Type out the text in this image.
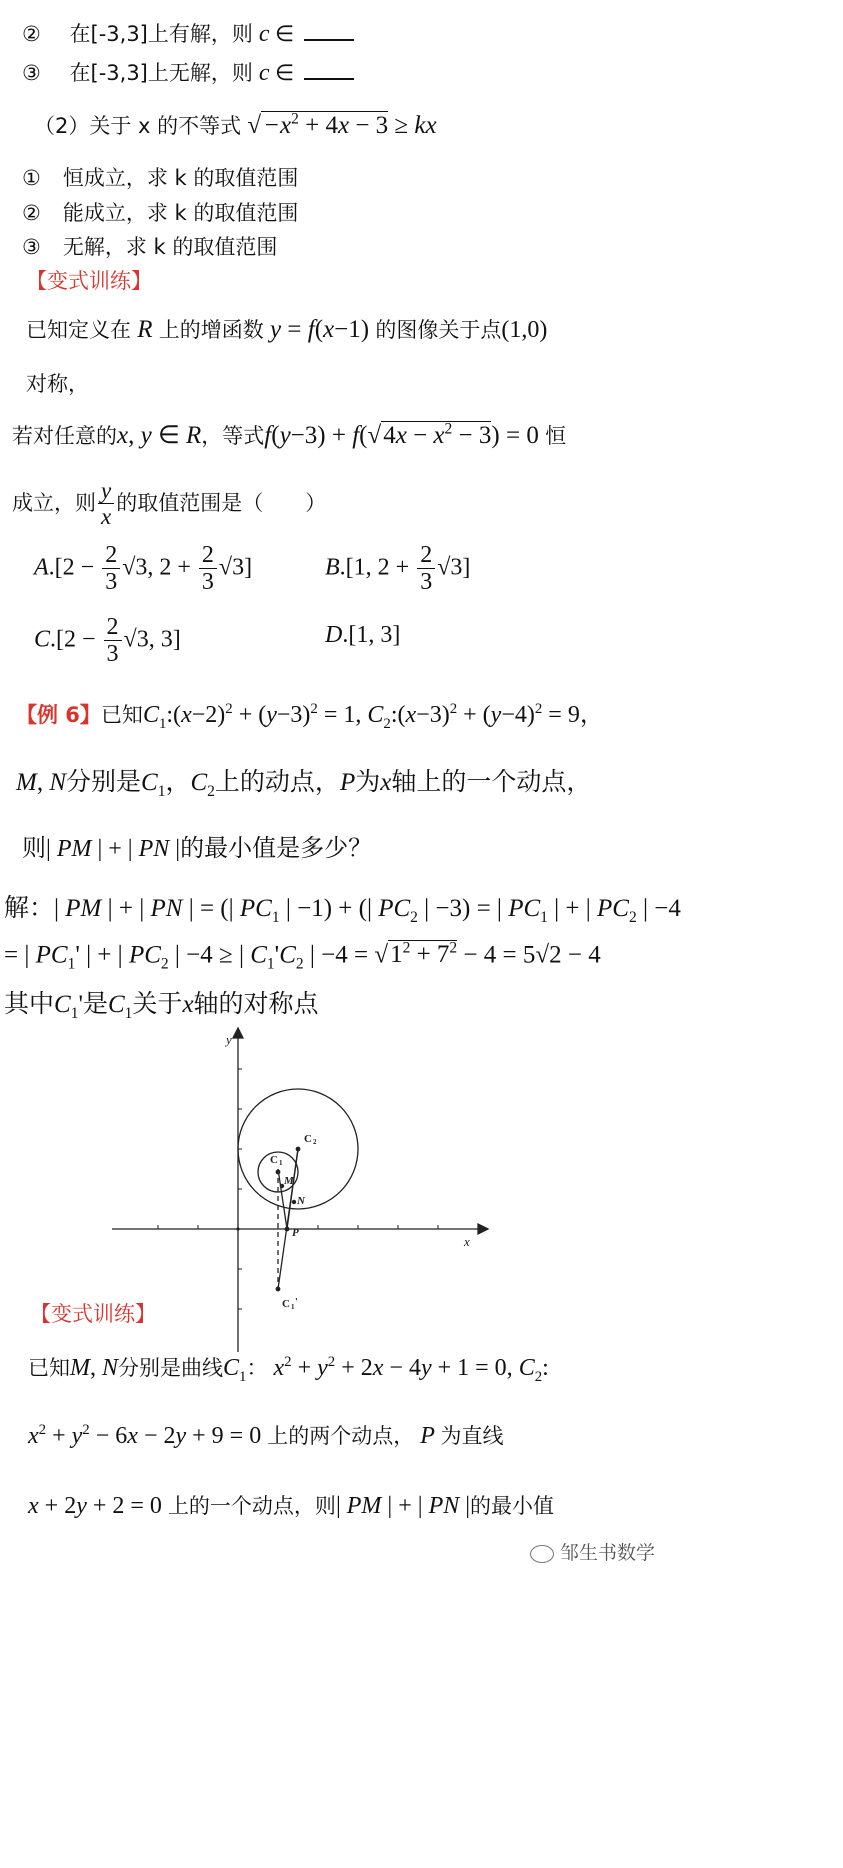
② 在[-3,3]上有解，则 c ∈
③ 在[-3,3]上无解，则 c ∈
（2）关于 x 的不等式 $√-x^2 + 4x - 3$ ≥ kx
① 恒成立，求 k 的取值范围
② 能成立，求 k 的取值范围
③ 无解，求 k 的取值范围
【变式训练】
已知定义在 R 上的增函数 y = f(x−1) 的图像关于点(1,0)
对称，
若对任意的x, y ∈ R，等式$f(y-3) + f(√4x - x^2 - 3) = 0$ 恒
成立，则 $\frac{y}{x}$ 的取值范围是（　　）
$A.[2 - \frac{2}{3} √3$, $2 + \frac{2}{3} √3$]	B.[1, $2 + \frac{2}{3} √3$]
$C.[2 - \frac{2}{3} √3$, 3]	D.[1, 3]
【例 6】已知$C_1:(x-2)^2 + (y-3)^2 = 1$, $C_2:(x-3)^2 + (y-4)^2 = 9$，
M, N分别是$C_1$，$C_2$上的动点，P为x轴上的一个动点，
则| PM | + | PN |的最小值是多少？
解：| PM | + | PN | = (| $PC_1$ | −1) + (| $PC_2$ | −3) = | $PC_1$ | + | $PC_2$ | −4
= | $PC_1'$ | + | $PC_2$ | −4 ≥ | $C_1'C_2$ | $-4 = √1^2 + 7^2 - 4 = 5√2 - 4$
其中$C_1'$是$C_1$关于x轴的对称点
y
x
C 1
C 2
M
N
P
C 1 '
【变式训练】
已知M, N分别是曲线$C_1$： $x^2 + y^2 + 2x - 4y + 1 = 0$, $C_2$:
$x^2 + y^2 - 6x - 2y + 9 = 0$ 上的两个动点， P 为直线
x + 2y + 2 = 0 上的一个动点，则| PM | + | PN |的最小值
邹生书数学
